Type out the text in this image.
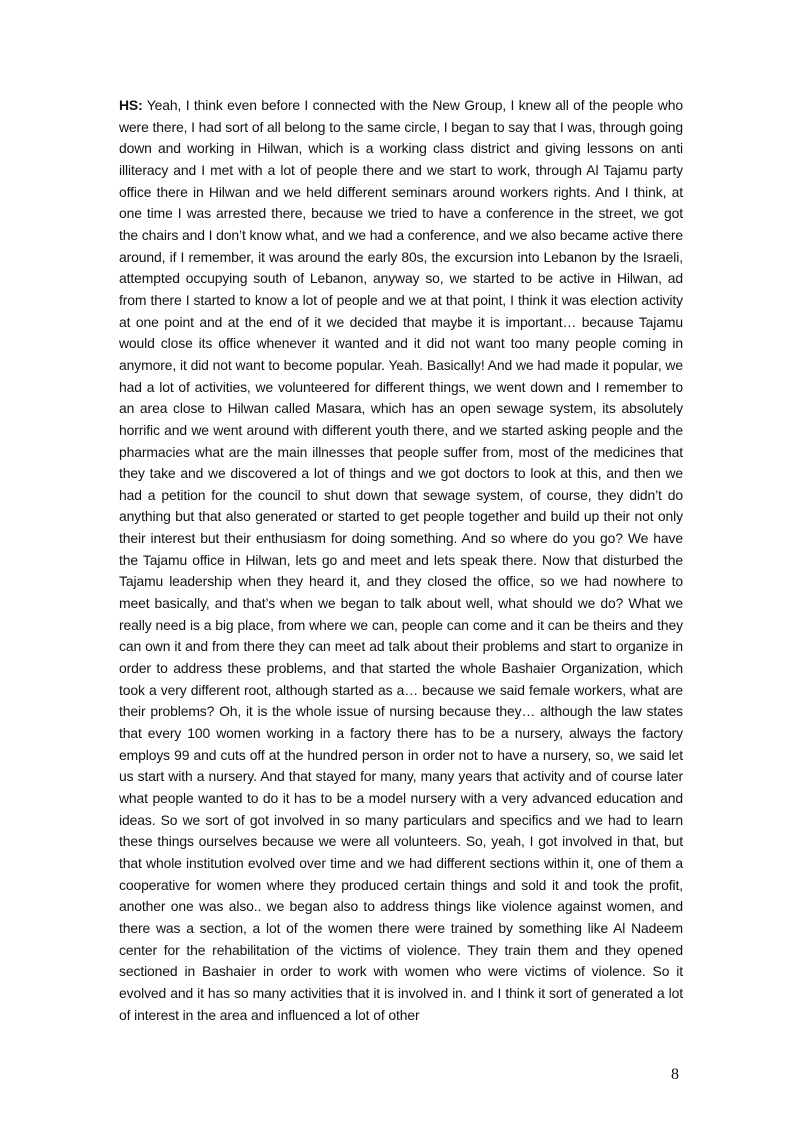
HS: Yeah, I think even before I connected with the New Group, I knew all of the people who were there, I had sort of all belong to the same circle, I began to say that I was, through going down and working in Hilwan, which is a working class district and giving lessons on anti illiteracy and I met with a lot of people there and we start to work, through Al Tajamu party office there in Hilwan and we held different seminars around workers rights. And I think, at one time I was arrested there, because we tried to have a conference in the street, we got the chairs and I don’t know what, and we had a conference, and we also became active there around, if I remember, it was around the early 80s, the excursion into Lebanon by the Israeli, attempted occupying south of Lebanon, anyway so, we started to be active in Hilwan, ad from there I started to know a lot of people and we at that point, I think it was election activity at one point and at the end of it we decided that maybe it is important… because Tajamu would close its office whenever it wanted and it did not want too many people coming in anymore, it did not want to become popular. Yeah. Basically! And we had made it popular, we had a lot of activities, we volunteered for different things, we went down and I remember to an area close to Hilwan called Masara, which has an open sewage system, its absolutely horrific and we went around with different youth there, and we started asking people and the pharmacies what are the main illnesses that people suffer from, most of the medicines that they take and we discovered a lot of things and we got doctors to look at this, and then we had a petition for the council to shut down that sewage system, of course, they didn’t do anything but that also generated or started to get people together and build up their not only their interest but their enthusiasm for doing something. And so where do you go? We have the Tajamu office in Hilwan, lets go and meet and lets speak there. Now that disturbed the Tajamu leadership when they heard it, and they closed the office, so we had nowhere to meet basically, and that’s when we began to talk about well, what should we do? What we really need is a big place, from where we can, people can come and it can be theirs and they can own it and from there they can meet ad talk about their problems and start to organize in order to address these problems, and that started the whole Bashaier Organization, which took a very different root, although started as a… because we said female workers, what are their problems? Oh, it is the whole issue of nursing because they… although the law states that every 100 women working in a factory there has to be a nursery, always the factory employs 99 and cuts off at the hundred person in order not to have a nursery, so, we said let us start with a nursery. And that stayed for many, many years that activity and of course later what people wanted to do it has to be a model nursery with a very advanced education and ideas. So we sort of got involved in so many particulars and specifics and we had to learn these things ourselves because we were all volunteers. So, yeah, I got involved in that, but that whole institution evolved over time and we had different sections within it, one of them a cooperative for women where they produced certain things and sold it and took the profit, another one was also.. we began also to address things like violence against women, and there was a section, a lot of the women there were trained by something like Al Nadeem center for the rehabilitation of the victims of violence. They train them and they opened sectioned in Bashaier in order to work with women who were victims of violence. So it evolved and it has so many activities that it is involved in. and I think it sort of generated a lot of interest in the area and influenced a lot of other

8
